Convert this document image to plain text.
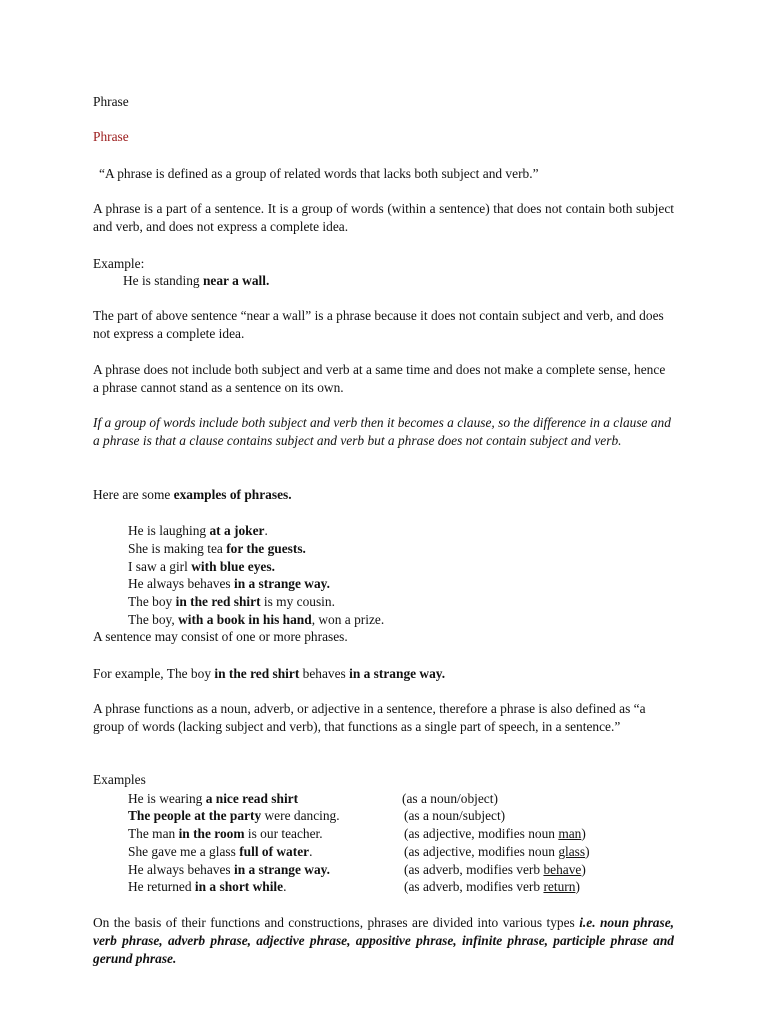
Phrase
Phrase
“A phrase is defined as a group of related words that lacks both subject and verb.”
A phrase is a part of a sentence. It is a group of words (within a sentence) that does not contain both subject and verb, and does not express a complete idea.
Example:
He is standing near a wall.
The part of above sentence “near a wall” is a phrase because it does not contain subject and verb, and does not express a complete idea.
A phrase does not include both subject and verb at a same time and does not make a complete sense, hence a phrase cannot stand as a sentence on its own.
If a group of words include both subject and verb then it becomes a clause, so the difference in a clause and a phrase is that a clause contains subject and verb but a phrase does not contain subject and verb.
Here are some examples of phrases.
He is laughing at a joker.
She is making tea for the guests.
I saw a girl with blue eyes.
He always behaves in a strange way.
The boy in the red shirt is my cousin.
The boy, with a book in his hand, won a prize.
A sentence may consist of one or more phrases.
For example, The boy in the red shirt behaves in a strange way.
A phrase functions as a noun, adverb, or adjective in a sentence, therefore a phrase is also defined as “a group of words (lacking subject and verb), that functions as a single part of speech, in a sentence.”
Examples
He is wearing a nice read shirt	(as a noun/object)
The people at the party were dancing.	(as a noun/subject)
The man in the room is our teacher.	(as adjective, modifies noun man)
She gave me a glass full of water.	(as adjective, modifies noun glass)
He always behaves in a strange way.	(as adverb, modifies verb behave)
He returned in a short while.	(as adverb, modifies verb return)
On the basis of their functions and constructions, phrases are divided into various types i.e. noun phrase, verb phrase, adverb phrase, adjective phrase, appositive phrase, infinite phrase, participle phrase and gerund phrase.
